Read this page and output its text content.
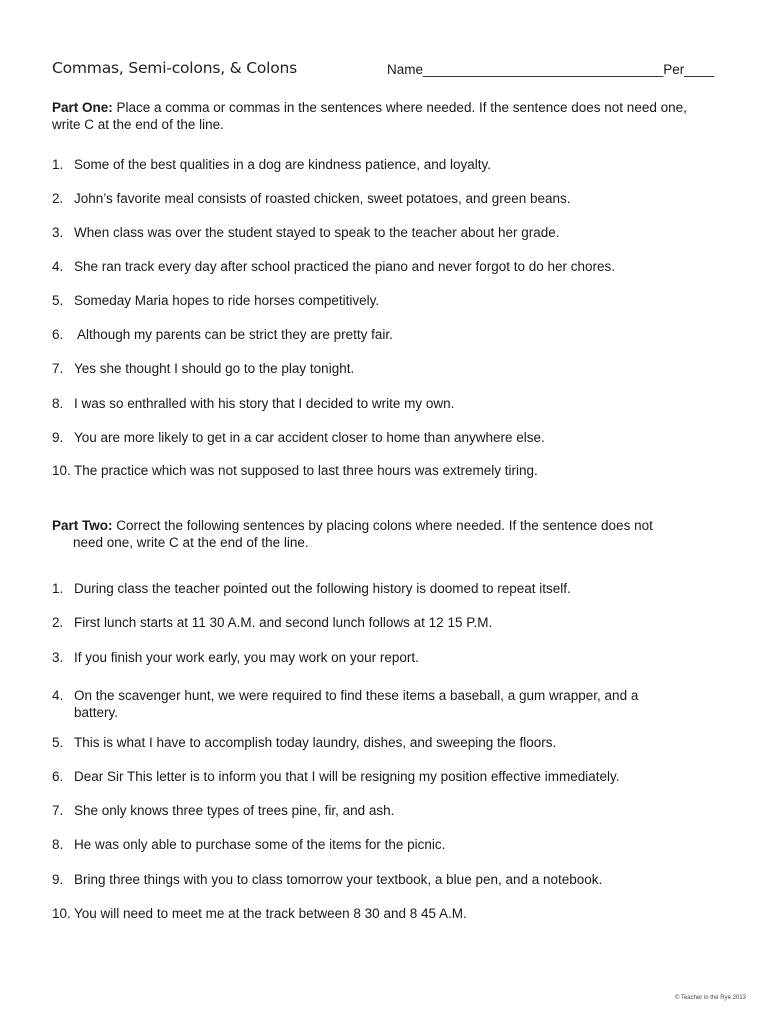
Commas, Semi-colons, & Colons	Name________________________________Per____
Part One: Place a comma or commas in the sentences where needed. If the sentence does not need one,
write C at the end of the line.
1. Some of the best qualities in a dog are kindness patience, and loyalty.
2. John’s favorite meal consists of roasted chicken, sweet potatoes, and green beans.
3. When class was over the student stayed to speak to the teacher about her grade.
4. She ran track every day after school practiced the piano and never forgot to do her chores.
5. Someday Maria hopes to ride horses competitively.
6. Although my parents can be strict they are pretty fair.
7. Yes she thought I should go to the play tonight.
8. I was so enthralled with his story that I decided to write my own.
9. You are more likely to get in a car accident closer to home than anywhere else.
10. The practice which was not supposed to last three hours was extremely tiring.
Part Two: Correct the following sentences by placing colons where needed. If the sentence does not
need one, write C at the end of the line.
1. During class the teacher pointed out the following history is doomed to repeat itself.
2. First lunch starts at 11 30 A.M. and second lunch follows at 12 15 P.M.
3. If you finish your work early, you may work on your report.
4. On the scavenger hunt, we were required to find these items a baseball, a gum wrapper, and a
battery.
5. This is what I have to accomplish today laundry, dishes, and sweeping the floors.
6. Dear Sir This letter is to inform you that I will be resigning my position effective immediately.
7. She only knows three types of trees pine, fir, and ash.
8. He was only able to purchase some of the items for the picnic.
9. Bring three things with you to class tomorrow your textbook, a blue pen, and a notebook.
10. You will need to meet me at the track between 8 30 and 8 45 A.M.
© Teacher in the Rye 2013
